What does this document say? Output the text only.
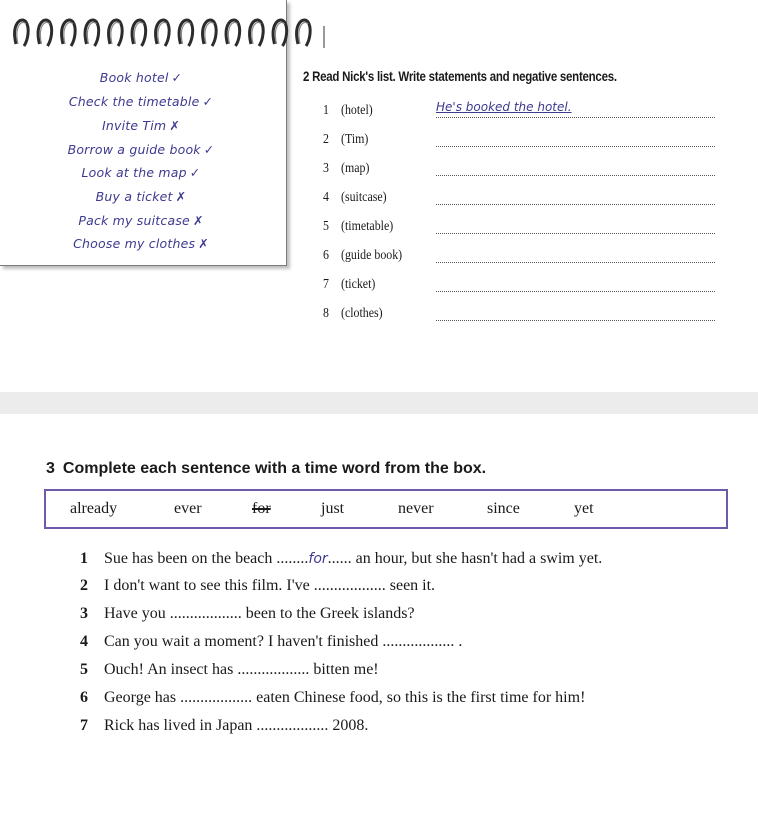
Book hotel ✓
Check the timetable ✓
Invite Tim ✗
Borrow a guide book ✓
Look at the map ✓
Buy a ticket ✗
Pack my suitcase ✗
Choose my clothes ✗
2 Read Nick's list. Write statements and negative sentences.
1 (hotel)	He's booked the hotel.
2 (Tim)
3 (map)
4 (suitcase)
5 (timetable)
6 (guide book)
7 (ticket)
8 (clothes)
3 Complete each sentence with a time word from the box.
already	ever	for	just	never	since	yet
1 Sue has been on the beach ........for...... an hour, but she hasn't had a swim yet.
2 I don't want to see this film. I've .................. seen it.
3 Have you .................. been to the Greek islands?
4 Can you wait a moment? I haven't finished .................. .
5 Ouch! An insect has .................. bitten me!
6 George has .................. eaten Chinese food, so this is the first time for him!
7 Rick has lived in Japan .................. 2008.
